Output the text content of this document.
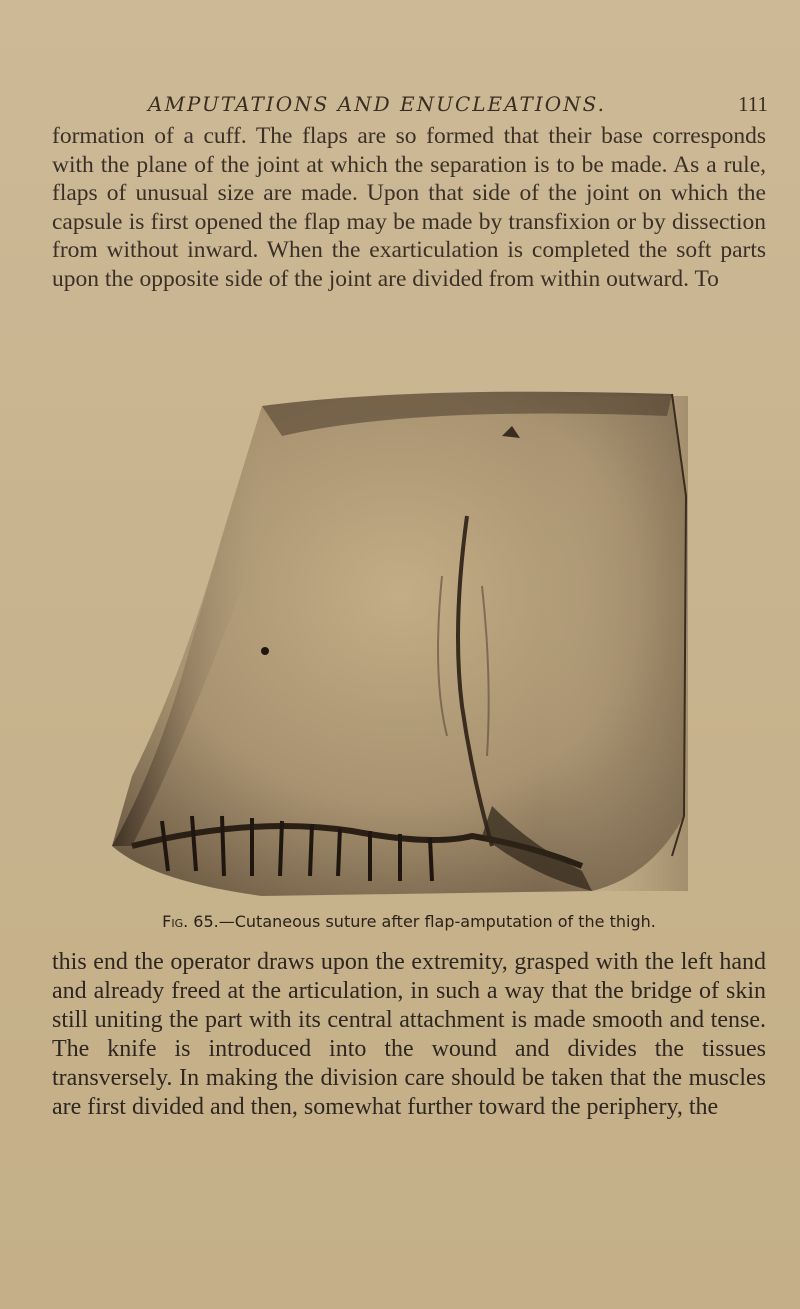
AMPUTATIONS AND ENUCLEATIONS.	111

formation of a cuff. The flaps are so formed that their base corresponds with the plane of the joint at which the separation is to be made. As a rule, flaps of unusual size are made. Upon that side of the joint on which the capsule is first opened the flap may be made by transfixion or by dissection from without inward. When the exarticulation is completed the soft parts upon the opposite side of the joint are divided from within outward. To

Fig. 65.—Cutaneous suture after flap-amputation of the thigh.

this end the operator draws upon the extremity, grasped with the left hand and already freed at the articulation, in such a way that the bridge of skin still uniting the part with its central attachment is made smooth and tense. The knife is introduced into the wound and divides the tissues transversely. In making the division care should be taken that the muscles are first divided and then, somewhat further toward the periphery, the
